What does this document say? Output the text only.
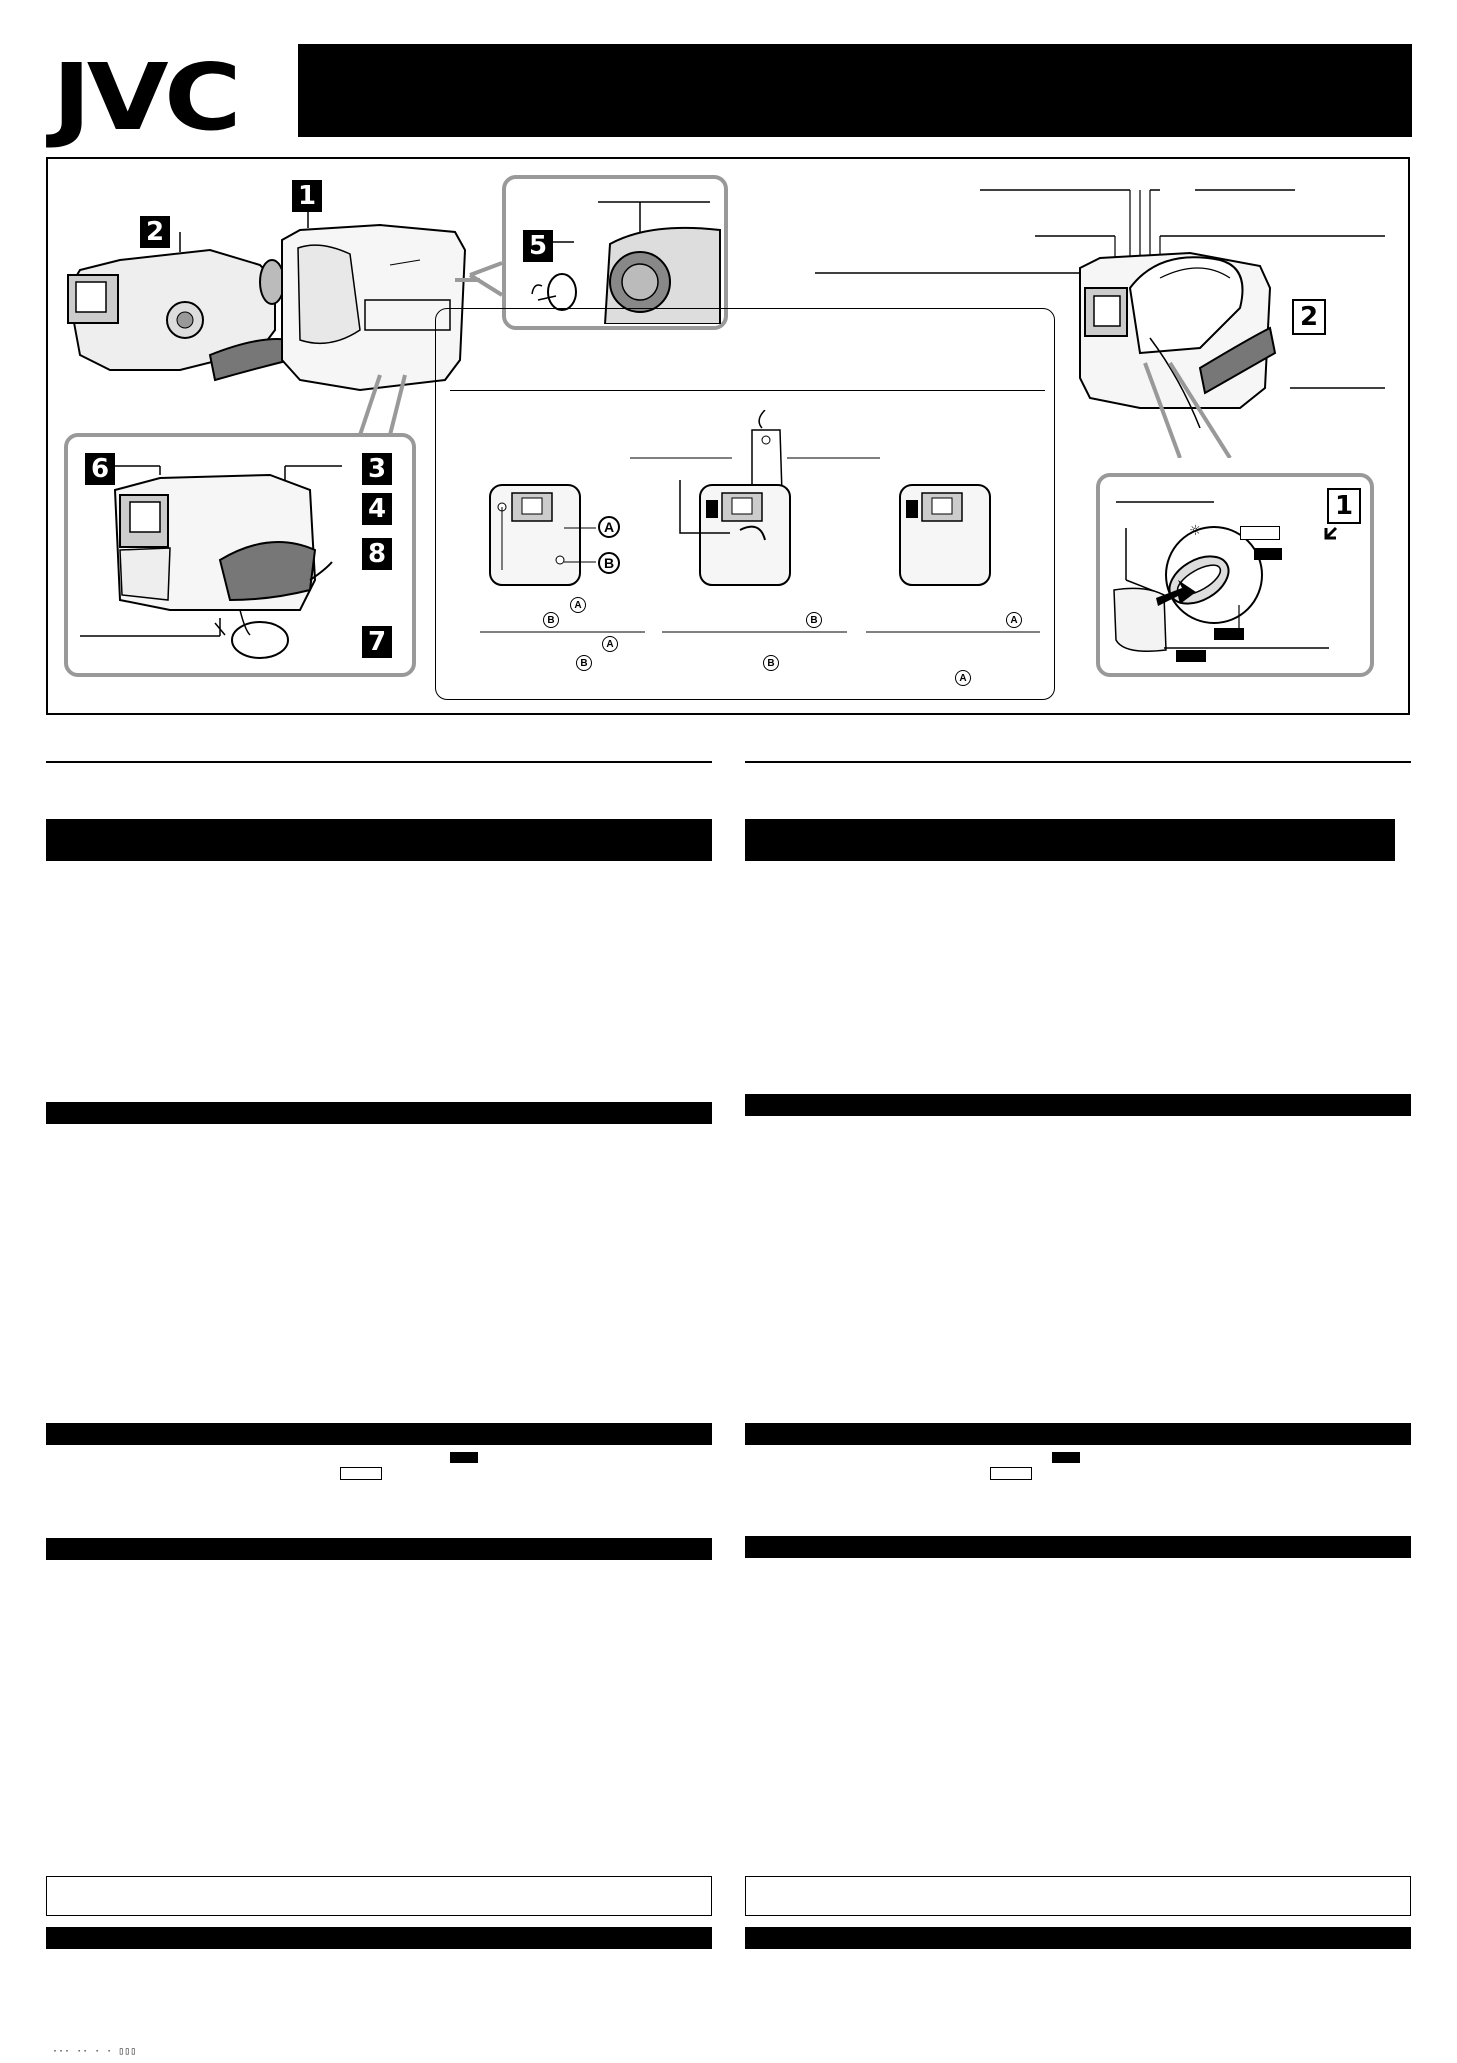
JVC
1
2	5
6	3
4
8
7
A
B
A
B
A
B
B
B
A
A
2
☼
1
··· ·· · · ▯▯▯
